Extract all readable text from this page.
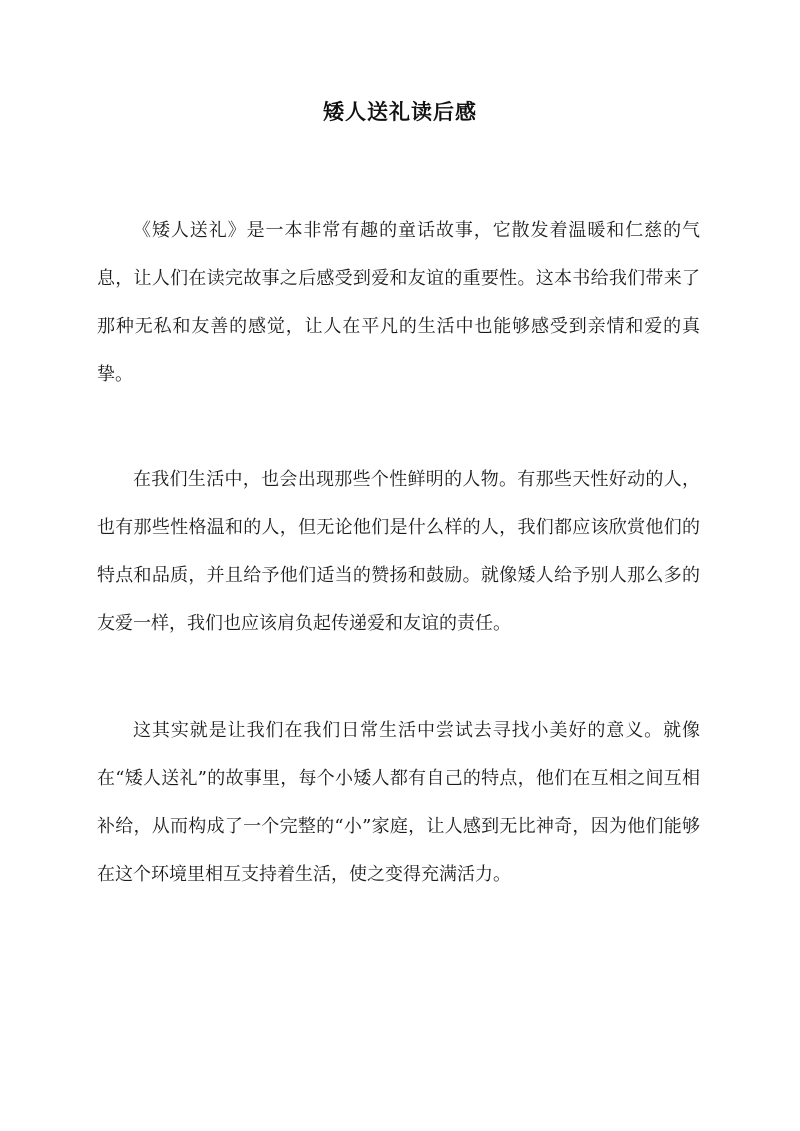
矮人送礼读后感

《矮人送礼》是一本非常有趣的童话故事，它散发着温暖和仁慈的气息，让人们在读完故事之后感受到爱和友谊的重要性。这本书给我们带来了那种无私和友善的感觉，让人在平凡的生活中也能够感受到亲情和爱的真挚。

在我们生活中，也会出现那些个性鲜明的人物。有那些天性好动的人，也有那些性格温和的人，但无论他们是什么样的人，我们都应该欣赏他们的特点和品质，并且给予他们适当的赞扬和鼓励。就像矮人给予别人那么多的友爱一样，我们也应该肩负起传递爱和友谊的责任。

这其实就是让我们在我们日常生活中尝试去寻找小美好的意义。就像在“矮人送礼”的故事里，每个小矮人都有自己的特点，他们在互相之间互相补给，从而构成了一个完整的“小”家庭，让人感到无比神奇，因为他们能够在这个环境里相互支持着生活，使之变得充满活力。
